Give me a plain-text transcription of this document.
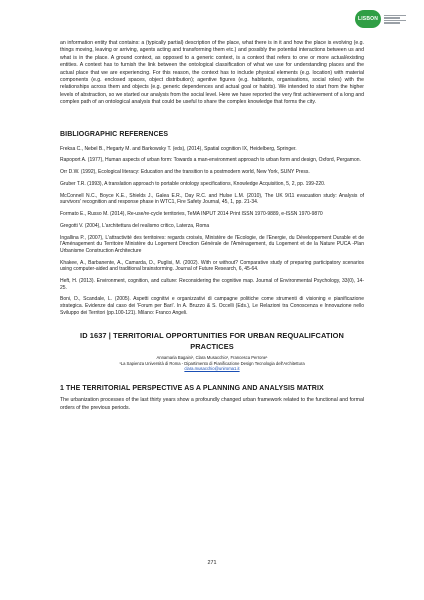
LISBON

an information entity that contains: a (typically partial) description of the place, what there is in it and how the place is evolving (e.g. things moving, leaving or arriving, agents acting and transforming them etc.) and possibly the potential interactions between us and what is in the place. A ground context, as opposed to a generic context, is a context that refers to one or more actual/existing entities. A context has to furnish the link between the ontological classification of what we use for understanding places and the actual place that we are experiencing. For this reason, the context has to include physical elements (e.g. location) with material components (e.g. enclosed spaces, object distribution); agentive figures (e.g. habitants, organisations, social roles) with the relationships across them and objects (e.g. generic dependences and actual goal or habits). We intended to start from the higher levels of abstraction, so we started our analysis from the social level. Here we have reported the very first achievement of a long and complex path of an ontological analysis that could be useful to share the complex knowledge that forms the city.

BIBLIOGRAPHIC REFERENCES

Freksa C., Nebel B., Hegarty M. and Barkowsky T. (eds), (2014), Spatial cognition IX, Heidelberg, Springer.

Rapoport A. (1977), Human aspects of urban form: Towards a man-environment approach to urban form and design, Oxford, Pergamon.

Orr D.W. (1992), Ecological literacy: Education and the transition to a postmodern world, New York, SUNY Press.

Gruber T.R. (1993), A translation approach to portable ontology specifications, Knowledge Acquisition, 5, 2, pp. 199-220.

McConnell N.C., Boyce K.E., Shields J., Galea E.R., Day R.C. and Hulse L.M. (2010), The UK 9/11 evacuation study: Analysis of survivors' recognition and response phase in WTC1, Fire Safety Journal, 45, 1, pp. 21-34.

Formato E., Russo M. (2014), Re-use/re-cycle territories, TeMA INPUT 2014 Print ISSN 1970-9889, e-ISSN 1970-9870

Gregotti V. (2004), L'architettura del realismo critico, Laterza, Roma

Ingallina P., (2007), L'attractivité des territoires: regards croisés, Ministère de l'Ecologie, de l'Energie, du Développement Durable et de l'Aménagement du Territoire Ministère du Logement Direction Générale de l'Aménagement, du Logement et de la Nature PUCA -Plan Urbanisme Construction Architecture

Khakee, A., Barbanente, A., Camarda, D., Puglisi, M. (2002). With or without? Comparative study of preparing participatory scenarios using computer-aided and traditional brainstorming. Journal of Future Research, 6, 45-64.

Heft, H. (2013). Environment, cognition, and culture: Reconsidering the cognitive map. Journal of Environmental Psychology, 33(0), 14-25.

Boni, D., Scandale, L. (2005). Aspetti cognitivi e organizzativi di campagne politiche come strumenti di visioning e pianificazione strategica. Evidenze dal caso dei 'Forum per Bari'. In A. Bruzzo & S. Occelli (Eds.), Le Relazioni tra Conoscenza e Innovazione nello Sviluppo dei Territori (pp.100-121). Milano: Franco Angeli.

ID 1637 | TERRITORIAL OPPORTUNITIES FOR URBAN REQUALIFCATION PRACTICES

Annamaria Bagaini¹, Clara Musacchio¹, Francesca Perrone¹

¹La Sapienza Università di Roma - Dipartimento di Pianificazione Design Tecnologia dell'Architettura

clara.musacchio@uniroma1.it

1 THE TERRITORIAL PERSPECTIVE AS A PLANNING AND ANALYSIS MATRIX

The urbanization processes of the last thirty years show a profoundly changed urban framework related to the functional and formal orders of the previous periods.

271
